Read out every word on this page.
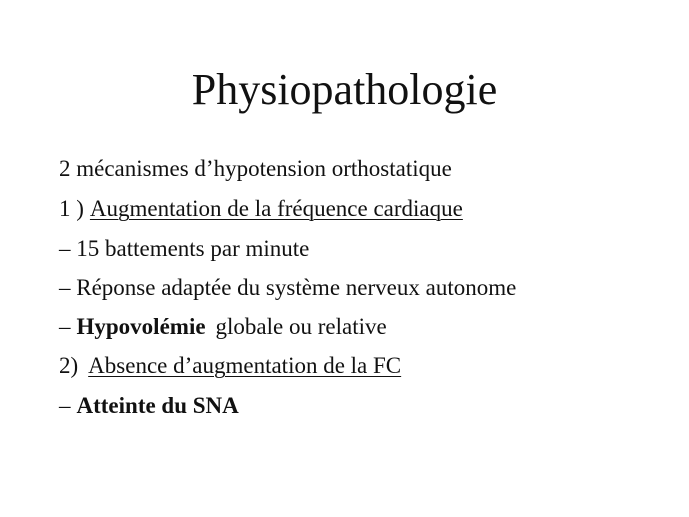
Physiopathologie

2 mécanismes d’hypotension orthostatique

1 ) Augmentation de la fréquence cardiaque

– 15 battements par minute

– Réponse adaptée du système nerveux autonome

– Hypovolémie globale ou relative

2) Absence d’augmentation de la FC

– Atteinte du SNA
